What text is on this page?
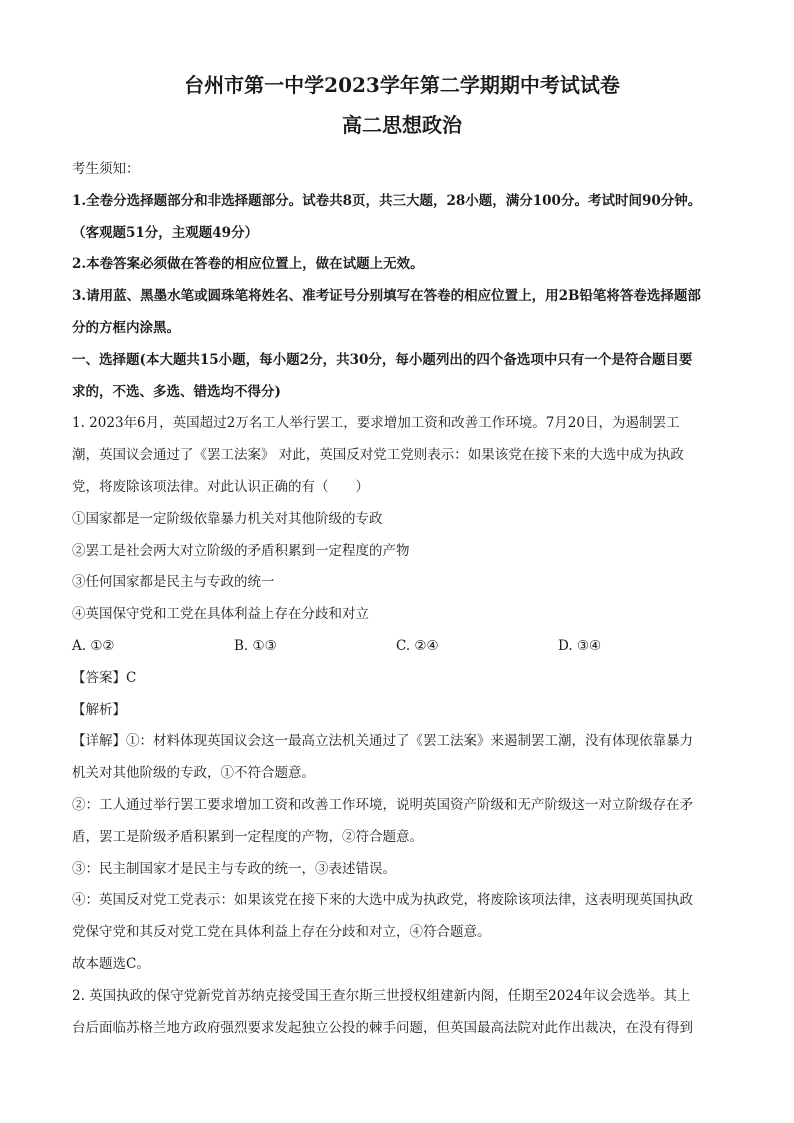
台州市第一中学2023学年第二学期期中考试试卷
高二思想政治

考生须知：

1.全卷分选择题部分和非选择题部分。试卷共8页，共三大题，28小题，满分100分。考试时间90分钟。

（客观题51分，主观题49分）

2.本卷答案必须做在答卷的相应位置上，做在试题上无效。

3.请用蓝、黑墨水笔或圆珠笔将姓名、准考证号分别填写在答卷的相应位置上，用2B铅笔将答卷选择题部

分的方框内涂黑。

一、选择题(本大题共15小题，每小题2分，共30分，每小题列出的四个备选项中只有一个是符合题目要

求的，不选、多选、错选均不得分)

1. 2023年6月，英国超过2万名工人举行罢工，要求增加工资和改善工作环境。7月20日，为遏制罢工

潮，英国议会通过了《罢工法案》 对此，英国反对党工党则表示：如果该党在接下来的大选中成为执政

党，将废除该项法律。对此认识正确的有（　　）

①国家都是一定阶级依靠暴力机关对其他阶级的专政

②罢工是社会两大对立阶级的矛盾积累到一定程度的产物

③任何国家都是民主与专政的统一

④英国保守党和工党在具体利益上存在分歧和对立

A. ①②	B. ①③	C. ②④	D. ③④

【答案】C

【解析】

【详解】①：材料体现英国议会这一最高立法机关通过了《罢工法案》来遏制罢工潮，没有体现依靠暴力

机关对其他阶级的专政，①不符合题意。

②：工人通过举行罢工要求增加工资和改善工作环境，说明英国资产阶级和无产阶级这一对立阶级存在矛

盾，罢工是阶级矛盾积累到一定程度的产物，②符合题意。

③：民主制国家才是民主与专政的统一，③表述错误。

④：英国反对党工党表示：如果该党在接下来的大选中成为执政党，将废除该项法律，这表明现英国执政

党保守党和其反对党工党在具体利益上存在分歧和对立，④符合题意。

故本题选C。

2. 英国执政的保守党新党首苏纳克接受国王查尔斯三世授权组建新内阁，任期至2024年议会选举。其上

台后面临苏格兰地方政府强烈要求发起独立公投的棘手问题，但英国最高法院对此作出裁决，在没有得到
